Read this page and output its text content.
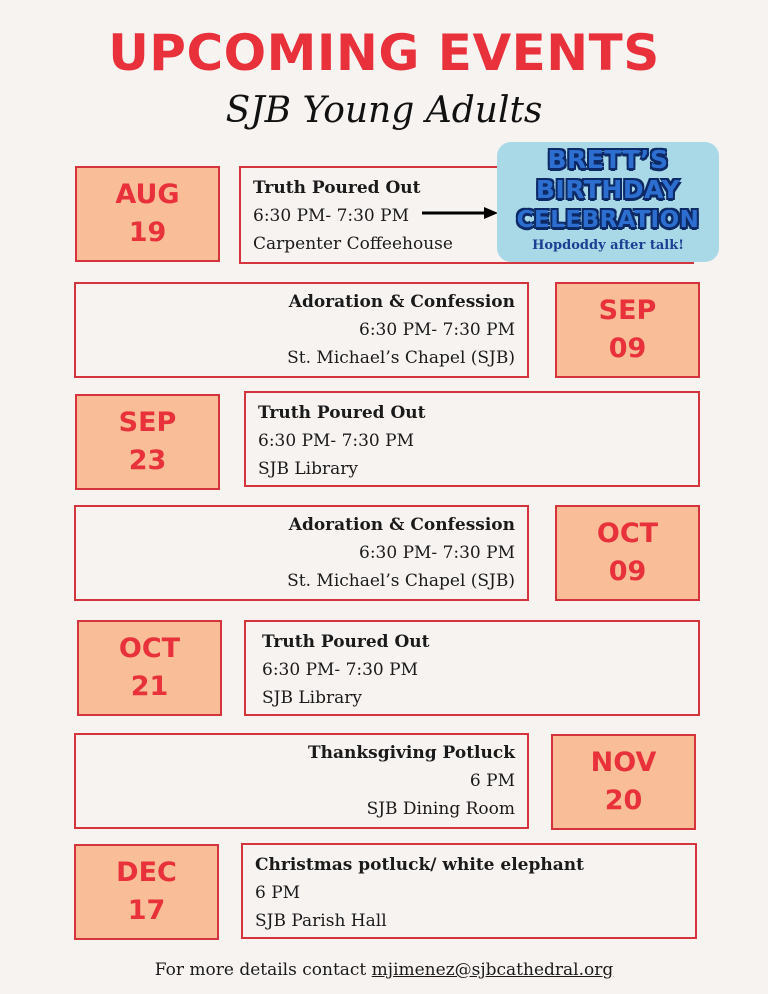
UPCOMING EVENTS
SJB Young Adults
AUG
19
Truth Poured Out
6:30 PM- 7:30 PM
Carpenter Coffeehouse
BRETT’S
BIRTHDAY
CELEBRATION
Hopdoddy after talk!
Adoration & Confession
6:30 PM- 7:30 PM
St. Michael’s Chapel (SJB)
SEP
09
SEP
23
Truth Poured Out
6:30 PM- 7:30 PM
SJB Library
Adoration & Confession
6:30 PM- 7:30 PM
St. Michael’s Chapel (SJB)
OCT
09
OCT
21
Truth Poured Out
6:30 PM- 7:30 PM
SJB Library
Thanksgiving Potluck
6 PM
SJB Dining Room
NOV
20
DEC
17
Christmas potluck/ white elephant
6 PM
SJB Parish Hall
For more details contact mjimenez@sjbcathedral.org
